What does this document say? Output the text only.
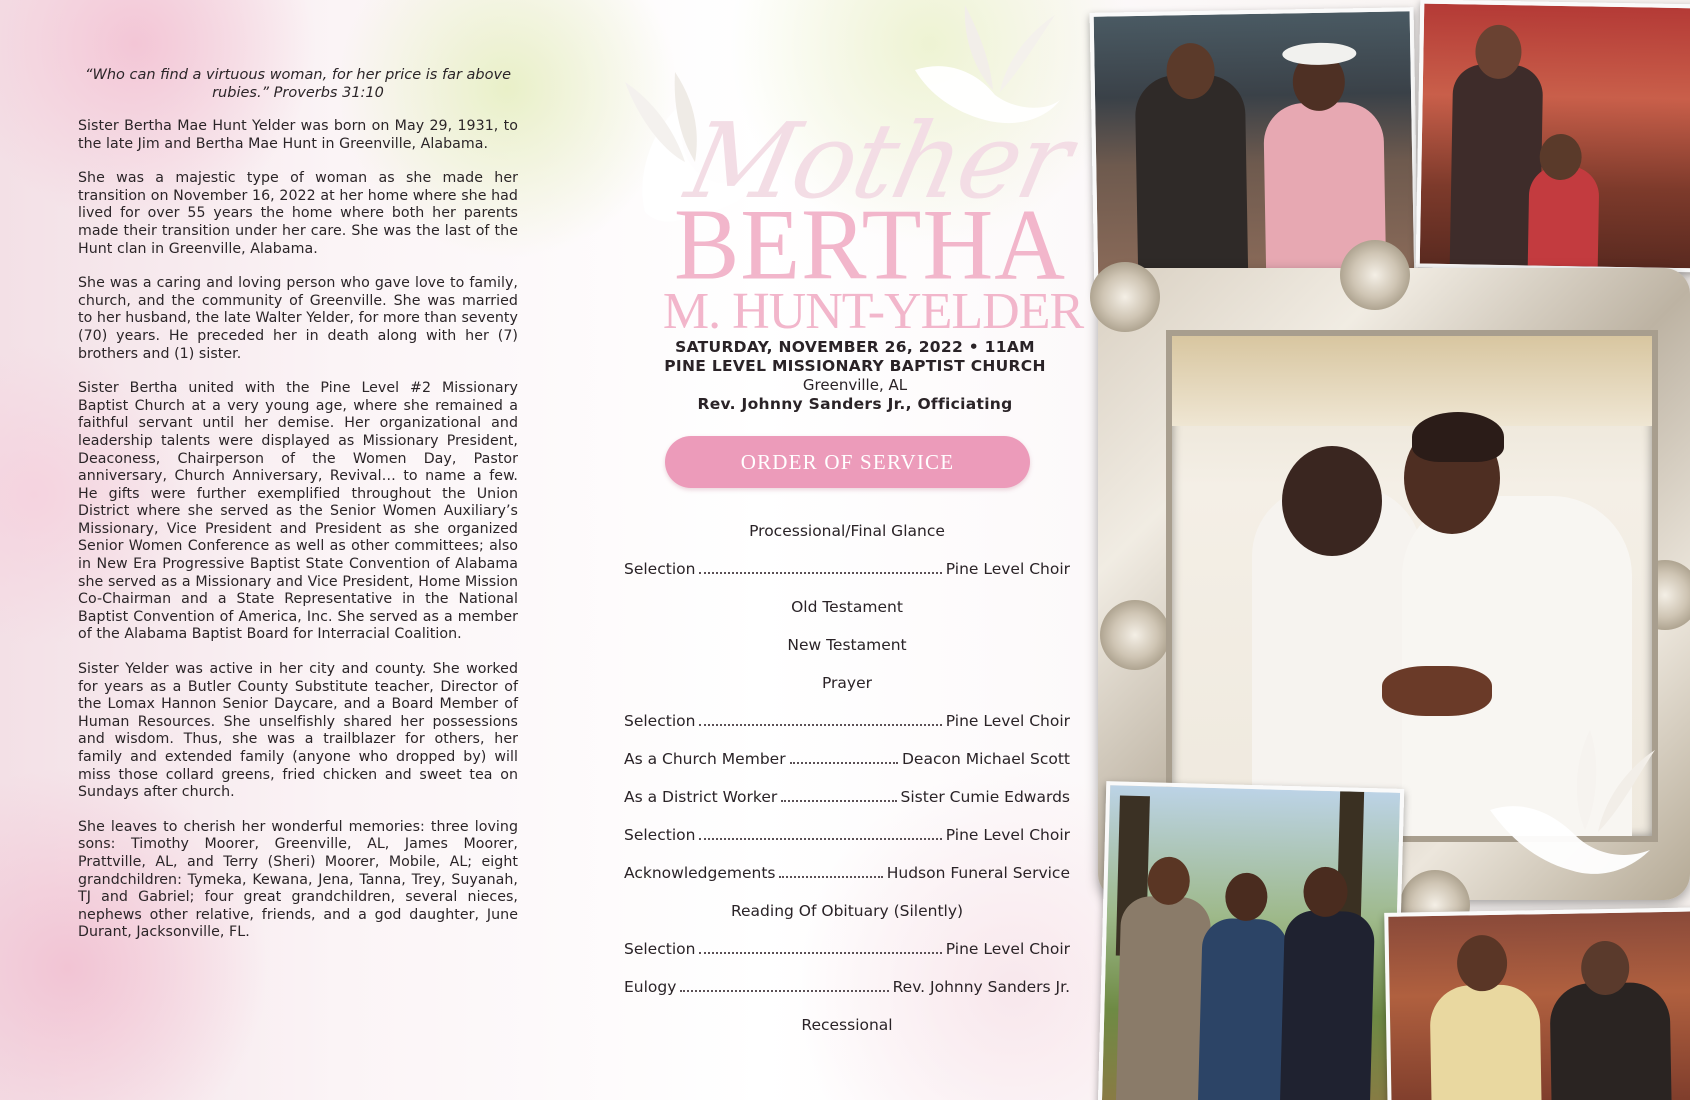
“Who can find a virtuous woman, for her price is far above rubies.” Proverbs 31:10

Sister Bertha Mae Hunt Yelder was born on May 29, 1931, to the late Jim and Bertha Mae Hunt in Greenville, Alabama.

She was a majestic type of woman as she made her transition on November 16, 2022 at her home where she had lived for over 55 years the home where both her parents made their transition under her care. She was the last of the Hunt clan in Greenville, Alabama.

She was a caring and loving person who gave love to family, church, and the community of Greenville. She was married to her husband, the late Walter Yelder, for more than seventy (70) years. He preceded her in death along with her (7) brothers and (1) sister.

Sister Bertha united with the Pine Level #2 Missionary Baptist Church at a very young age, where she remained a faithful servant until her demise. Her organizational and leadership talents were displayed as Missionary President, Deaconess, Chairperson of the Women Day, Pastor anniversary, Church Anniversary, Revival… to name a few. He gifts were further exemplified throughout the Union District where she served as the Senior Women Auxiliary’s Missionary, Vice President and President as she organized Senior Women Conference as well as other committees; also in New Era Progressive Baptist State Convention of Alabama she served as a Missionary and Vice President, Home Mission Co-Chairman and a State Representative in the National Baptist Convention of America, Inc. She served as a member of the Alabama Baptist Board for Interracial Coalition.

Sister Yelder was active in her city and county. She worked for years as a Butler County Substitute teacher, Director of the Lomax Hannon Senior Daycare, and a Board Member of Human Resources. She unselfishly shared her possessions and wisdom. Thus, she was a trailblazer for others, her family and extended family (anyone who dropped by) will miss those collard greens, fried chicken and sweet tea on Sundays after church.

She leaves to cherish her wonderful memories: three loving sons: Timothy Moorer, Greenville, AL, James Moorer, Prattville, AL, and Terry (Sheri) Moorer, Mobile, AL; eight grandchildren: Tymeka, Kewana, Jena, Tanna, Trey, Suyanah, TJ and Gabriel; four great grandchildren, several nieces, nephews other relative, friends, and a god daughter, June Durant, Jacksonville, FL.

Mother
BERTHA
M. HUNT-YELDER
SATURDAY, NOVEMBER 26, 2022 • 11AM
PINE LEVEL MISSIONARY BAPTIST CHURCH
Greenville, AL
Rev. Johnny Sanders Jr., Officiating
ORDER OF SERVICE
Processional/Final Glance
Selection	Pine Level Choir
Old Testament
New Testament
Prayer
Selection	Pine Level Choir
As a Church Member	Deacon Michael Scott
As a District Worker	Sister Cumie Edwards
Selection	Pine Level Choir
Acknowledgements	Hudson Funeral Service
Reading Of Obituary (Silently)
Selection	Pine Level Choir
Eulogy	Rev. Johnny Sanders Jr.
Recessional
